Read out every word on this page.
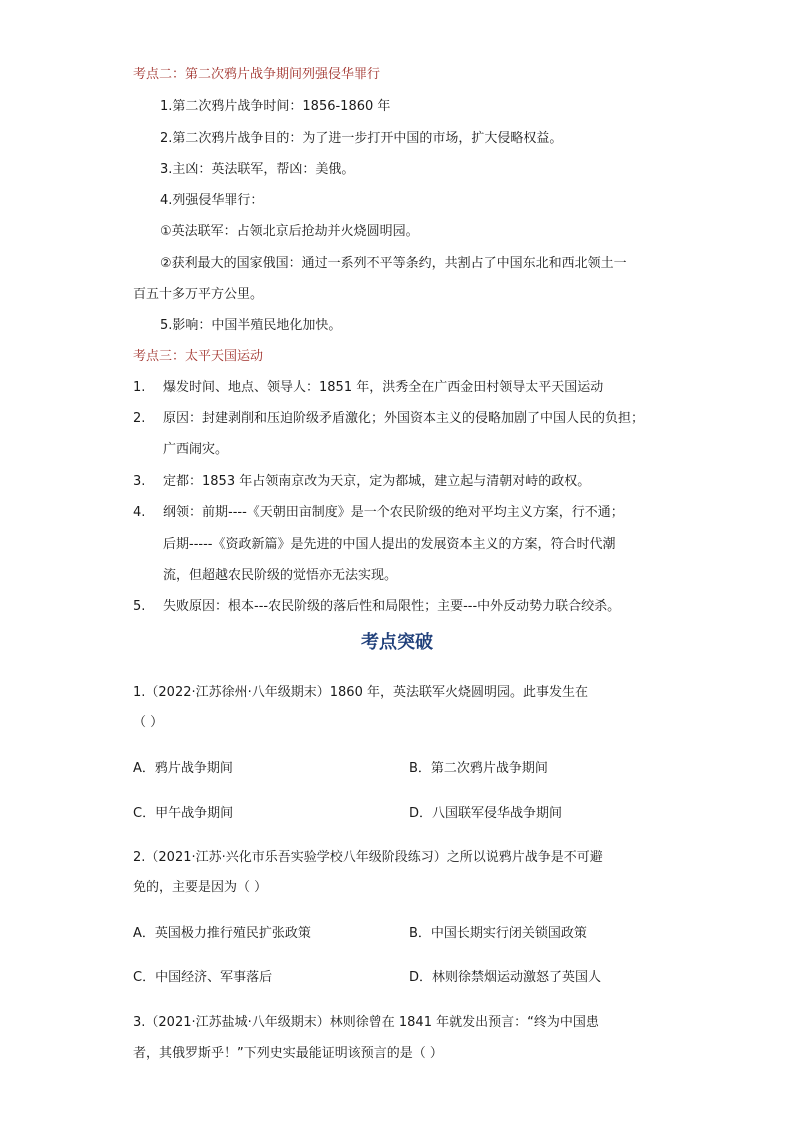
考点二：第二次鸦片战争期间列强侵华罪行
1.第二次鸦片战争时间：1856-1860 年
2.第二次鸦片战争目的：为了进一步打开中国的市场，扩大侵略权益。
3.主凶：英法联军，帮凶：美俄。
4.列强侵华罪行：
①英法联军：占领北京后抢劫并火烧圆明园。
②获利最大的国家俄国：通过一系列不平等条约，共割占了中国东北和西北领土一
百五十多万平方公里。
5.影响：中国半殖民地化加快。
考点三：太平天国运动
1. 爆发时间、地点、领导人：1851 年，洪秀全在广西金田村领导太平天国运动
2. 原因：封建剥削和压迫阶级矛盾激化；外国资本主义的侵略加剧了中国人民的负担；
广西闹灾。
3. 定都：1853 年占领南京改为天京，定为都城，建立起与清朝对峙的政权。
4. 纲领：前期----《天朝田亩制度》是一个农民阶级的绝对平均主义方案，行不通；
后期-----《资政新篇》是先进的中国人提出的发展资本主义的方案，符合时代潮
流，但超越农民阶级的觉悟亦无法实现。
5. 失败原因：根本---农民阶级的落后性和局限性；主要---中外反动势力联合绞杀。
考点突破
1.（2022·江苏徐州·八年级期末）1860 年，英法联军火烧圆明园。此事发生在
（ ）
A．鸦片战争期间	B．第二次鸦片战争期间
C．甲午战争期间	D．八国联军侵华战争期间
2.（2021·江苏·兴化市乐吾实验学校八年级阶段练习）之所以说鸦片战争是不可避
免的，主要是因为（ ）
A．英国极力推行殖民扩张政策	B．中国长期实行闭关锁国政策
C．中国经济、军事落后	D．林则徐禁烟运动激怒了英国人
3.（2021·江苏盐城·八年级期末）林则徐曾在 1841 年就发出预言：“终为中国患
者，其俄罗斯乎！”下列史实最能证明该预言的是（ ）
